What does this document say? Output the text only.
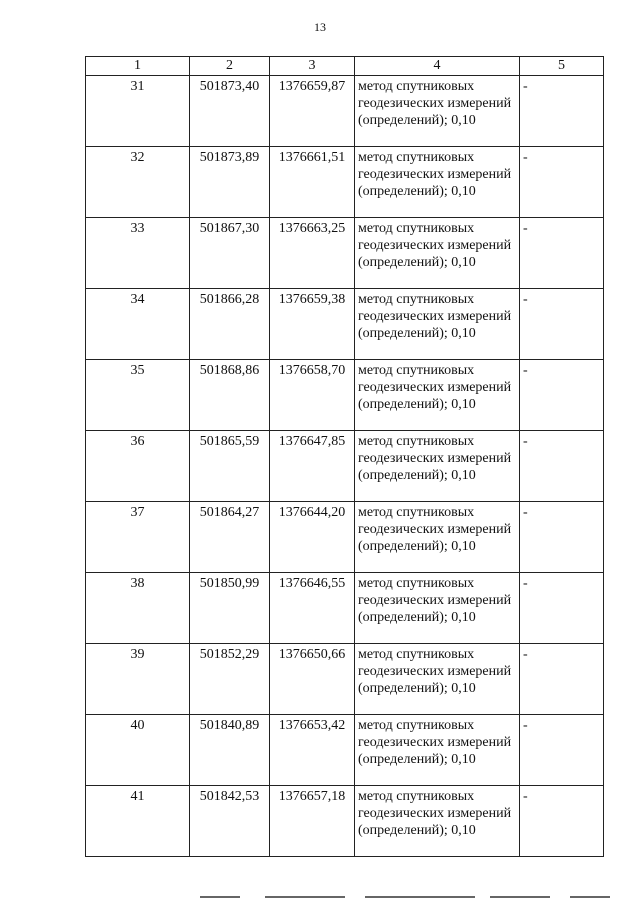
13
1	2	3	4	5
31	501873,40	1376659,87	метод спутниковых геодезических измерений (определений); 0,10	-
32	501873,89	1376661,51	метод спутниковых геодезических измерений (определений); 0,10	-
33	501867,30	1376663,25	метод спутниковых геодезических измерений (определений); 0,10	-
34	501866,28	1376659,38	метод спутниковых геодезических измерений (определений); 0,10	-
35	501868,86	1376658,70	метод спутниковых геодезических измерений (определений); 0,10	-
36	501865,59	1376647,85	метод спутниковых геодезических измерений (определений); 0,10	-
37	501864,27	1376644,20	метод спутниковых геодезических измерений (определений); 0,10	-
38	501850,99	1376646,55	метод спутниковых геодезических измерений (определений); 0,10	-
39	501852,29	1376650,66	метод спутниковых геодезических измерений (определений); 0,10	-
40	501840,89	1376653,42	метод спутниковых геодезических измерений (определений); 0,10	-
41	501842,53	1376657,18	метод спутниковых геодезических измерений (определений); 0,10	-
